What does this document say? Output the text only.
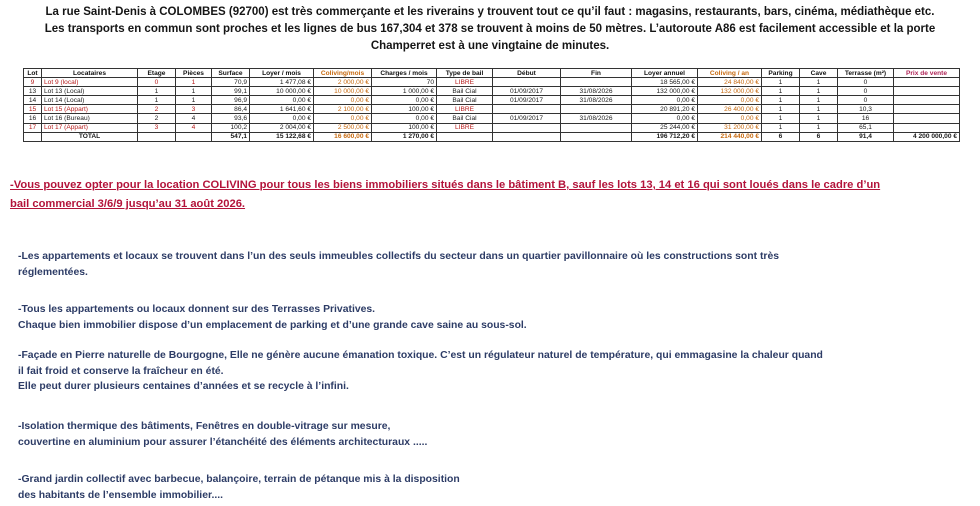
La rue Saint-Denis à COLOMBES (92700) est très commerçante et les riverains y trouvent tout ce qu’il faut : magasins, restaurants, bars, cinéma, médiathèque etc.
Les transports en commun sont proches et les lignes de bus 167,304 et 378 se trouvent à moins de 50 mètres. L’autoroute A86 est facilement accessible et la porte
Champerret est à une vingtaine de minutes.
Lot	Locataires	Etage	Pièces	Surface	Loyer / mois	Coliving/mois	Charges / mois	Type de bail	Début	Fin	Loyer annuel	Coliving / an	Parking	Cave	Terrasse (m²)	Prix de vente
9	Lot 9 (local)	0	1	70,9	1 477,08 €	2 000,00 €	70	LIBRE			18 565,00 €	24 840,00 €	1	1	0	
13	Lot 13 (Local)	1	1	99,1	10 000,00 €	10 000,00 €	1 000,00 €	Bail Cial	01/09/2017	31/08/2026	132 000,00 €	132 000,00 €	1	1	0	
14	Lot 14 (Local)	1	1	96,9	0,00 €	0,00 €	0,00 €	Bail Cial	01/09/2017	31/08/2026	0,00 €	0,00 €	1	1	0	
15	Lot 15 (Appart)	2	3	86,4	1 641,60 €	2 100,00 €	100,00 €	LIBRE			20 891,20 €	26 400,00 €	1	1	10,3	
16	Lot 16 (Bureau)	2	4	93,6	0,00 €	0,00 €	0,00 €	Bail Cial	01/09/2017	31/08/2026	0,00 €	0,00 €	1	1	16	
17	Lot 17 (Appart)	3	4	100,2	2 004,00 €	2 500,00 €	100,00 €	LIBRE			25 244,00 €	31 200,00 €	1	1	65,1	
	TOTAL			547,1	15 122,68 €	16 600,00 €	1 270,00 €				196 712,20 €	214 440,00 €	6	6	91,4	4 200 000,00 €
-Vous pouvez opter pour la location COLIVING pour tous les biens immobiliers situés dans le bâtiment B, sauf les lots 13, 14 et 16 qui sont loués dans le cadre d’un
bail commercial 3/6/9 jusqu’au 31 août 2026.
-Les appartements et locaux se trouvent dans l’un des seuls immeubles collectifs du secteur dans un quartier pavillonnaire où les constructions sont très
réglementées.
-Tous les appartements ou locaux donnent sur des Terrasses Privatives.
Chaque bien immobilier dispose d’un emplacement de parking et d’une grande cave saine au sous-sol.
-Façade en Pierre naturelle de Bourgogne, Elle ne génère aucune émanation toxique. C’est un régulateur naturel de température, qui emmagasine la chaleur quand
il fait froid et conserve la fraîcheur en été.
Elle peut durer plusieurs centaines d’années et se recycle à l’infini.
-Isolation thermique des bâtiments, Fenêtres en double-vitrage sur mesure,
couvertine en aluminium pour assurer l’étanchéité des éléments architecturaux .....
-Grand jardin collectif avec barbecue, balançoire, terrain de pétanque mis à la disposition
des habitants de l’ensemble immobilier....
